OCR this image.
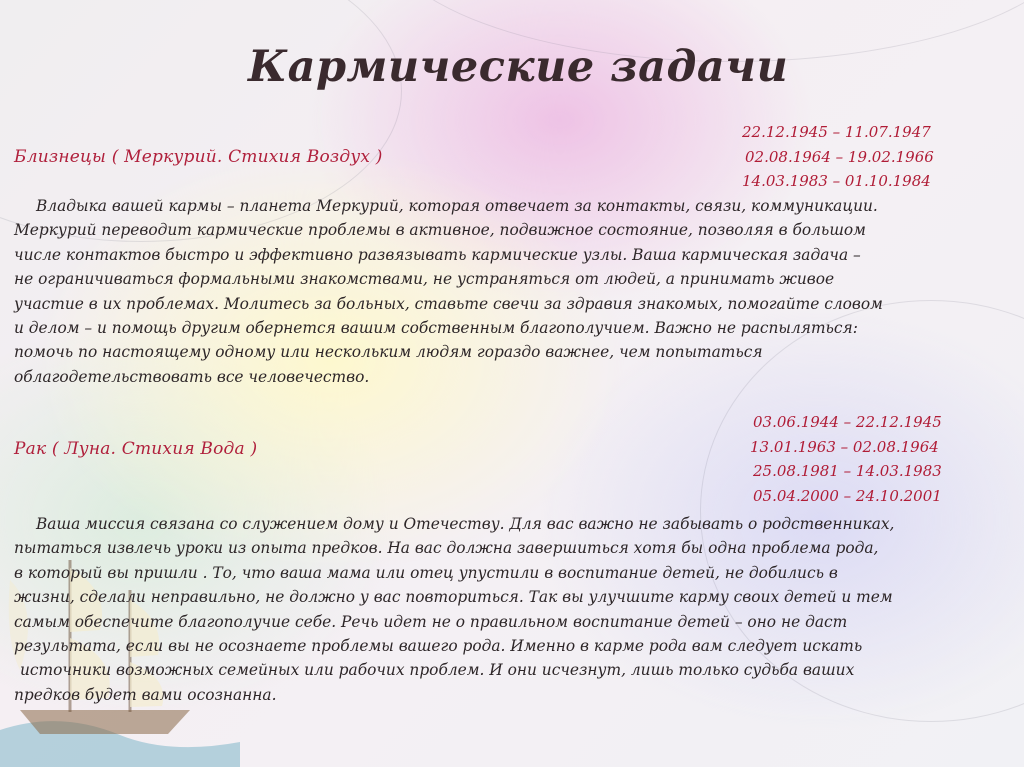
Кармические задачи
Близнецы ( Меркурий. Стихия Воздух )
22.12.1945 – 11.07.1947
02.08.1964 – 19.02.1966
14.03.1983 – 01.10.1984
Владыка вашей кармы – планета Меркурий, которая отвечает за контакты, связи, коммуникации.
Меркурий переводит кармические проблемы в активное, подвижное состояние, позволяя в большом
числе контактов быстро и эффективно развязывать кармические узлы. Ваша кармическая задача –
не ограничиваться формальными знакомствами, не устраняться от людей, а принимать живое
участие в их проблемах. Молитесь за больных, ставьте свечи за здравия знакомых, помогайте словом
и делом – и помощь другим обернется вашим собственным благополучием. Важно не распыляться:
помочь по настоящему одному или нескольким людям гораздо важнее, чем попытаться
облагодетельствовать все человечество.
Рак ( Луна. Стихия Вода )
03.06.1944 – 22.12.1945
13.01.1963 – 02.08.1964
25.08.1981 – 14.03.1983
05.04.2000 – 24.10.2001
Ваша миссия связана со служением дому и Отечеству. Для вас важно не забывать о родственниках,
пытаться извлечь уроки из опыта предков. На вас должна завершиться хотя бы одна проблема рода,
в который вы пришли . То, что ваша мама или отец упустили в воспитание детей, не добились в
жизни, сделали неправильно, не должно у вас повториться. Так вы улучшите карму своих детей и тем
самым обеспечите благополучие себе. Речь идет не о правильном воспитание детей – оно не даст
результата, если вы не осознаете проблемы вашего рода. Именно в карме рода вам следует искать
источники возможных семейных или рабочих проблем. И они исчезнут, лишь только судьба ваших
предков будет вами осознанна.
